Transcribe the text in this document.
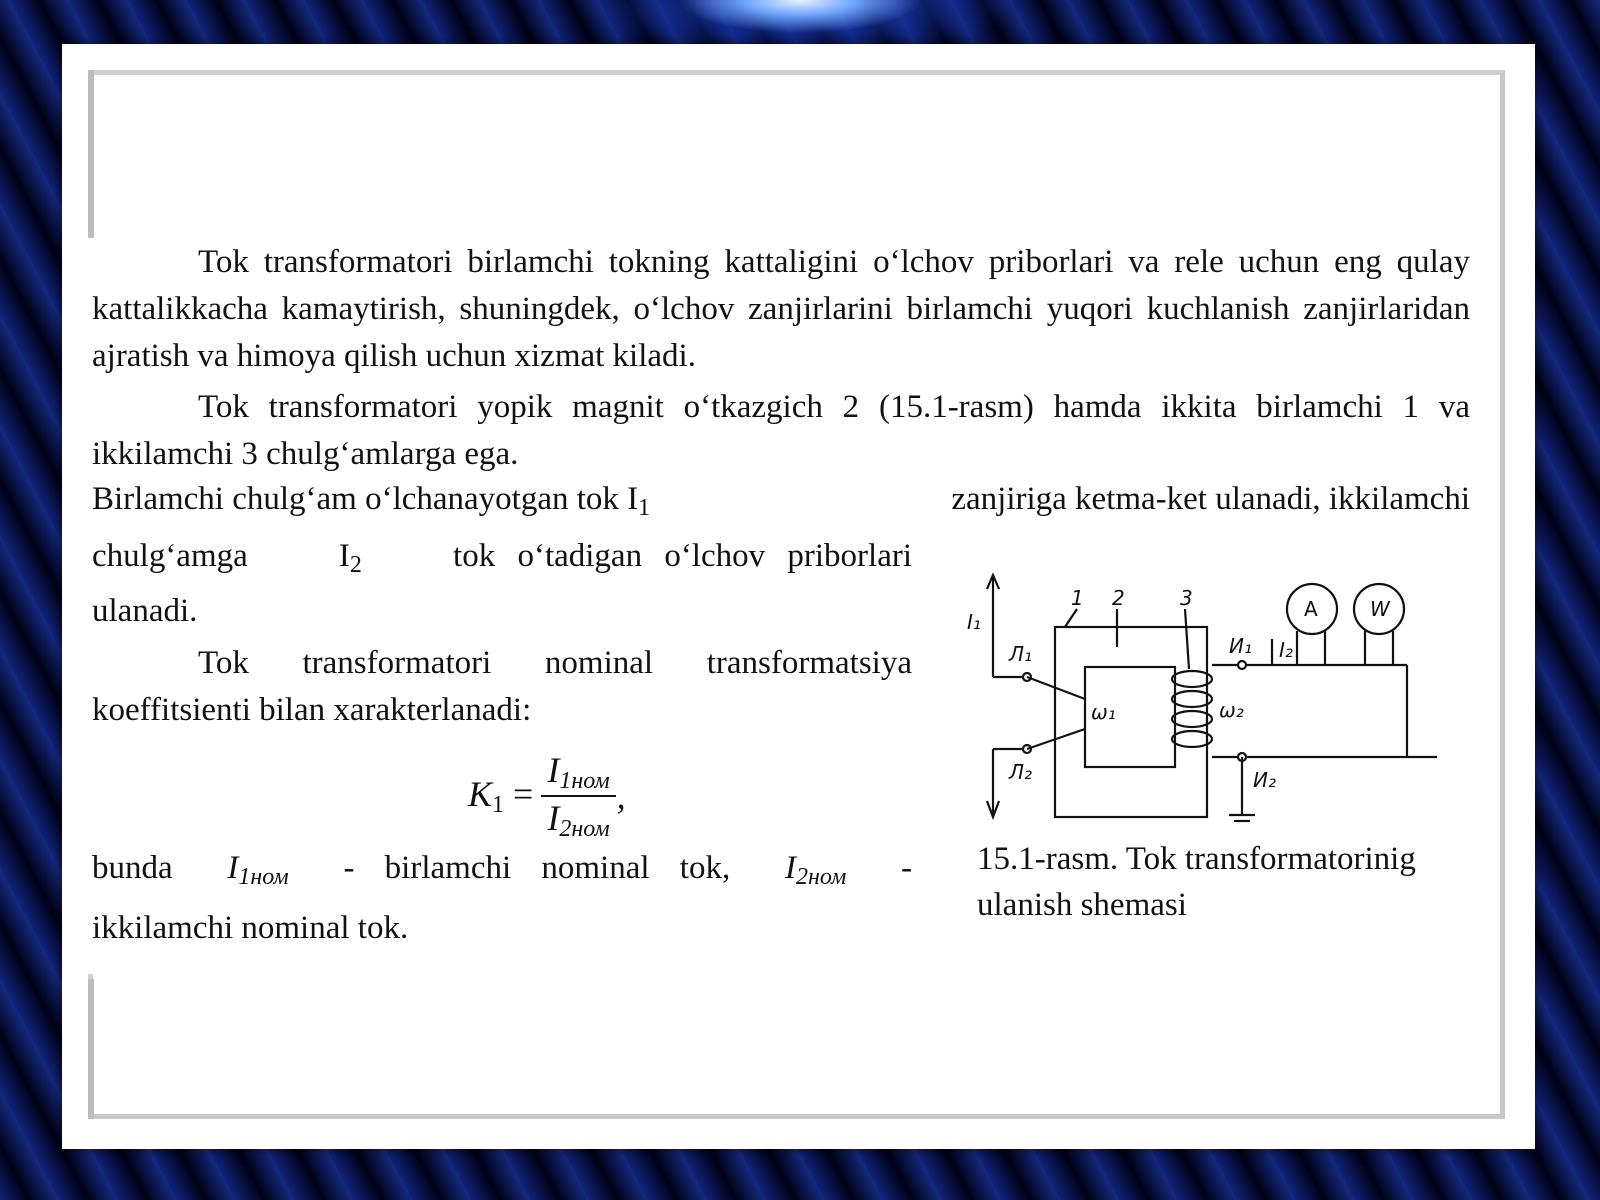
Tok transformatori birlamchi tokning kattaligini o‘lchov priborlari va rele uchun eng qulay kattalikkacha kamaytirish, shuningdek, o‘lchov zanjirlarini birlamchi yuqori kuchlanish zanjirlaridan ajratish va himoya qilish uchun xizmat kiladi.
Tok transformatori yopik magnit o‘tkazgich 2 (15.1-rasm) hamda ikkita birlamchi 1 va ikkilamchi 3 chulg‘amlarga ega.
Birlamchi chulg‘am o‘lchanayotgan tok $I_1$	zanjiriga ketma-ket ulanadi, ikkilamchi
chulg‘amga	$I_2$	tok o‘tadigan o‘lchov priborlari
ulanadi.
Tok transformatori nominal transformatsiya koeffitsienti bilan xarakterlanadi:
$K_1$ =	$I_{1ном}$	,
$I_{2ном}$
bunda $I_{1ном}$ - birlamchi nominal tok, $I_{2ном}$ -
ikkilamchi nominal tok.
1 2	3	A	W
I₁
I₂
Л₁
Л₂
ω₁	ω₂
И₁
И₂
15.1-rasm. Tok transformatorinig
ulanish shemasi
